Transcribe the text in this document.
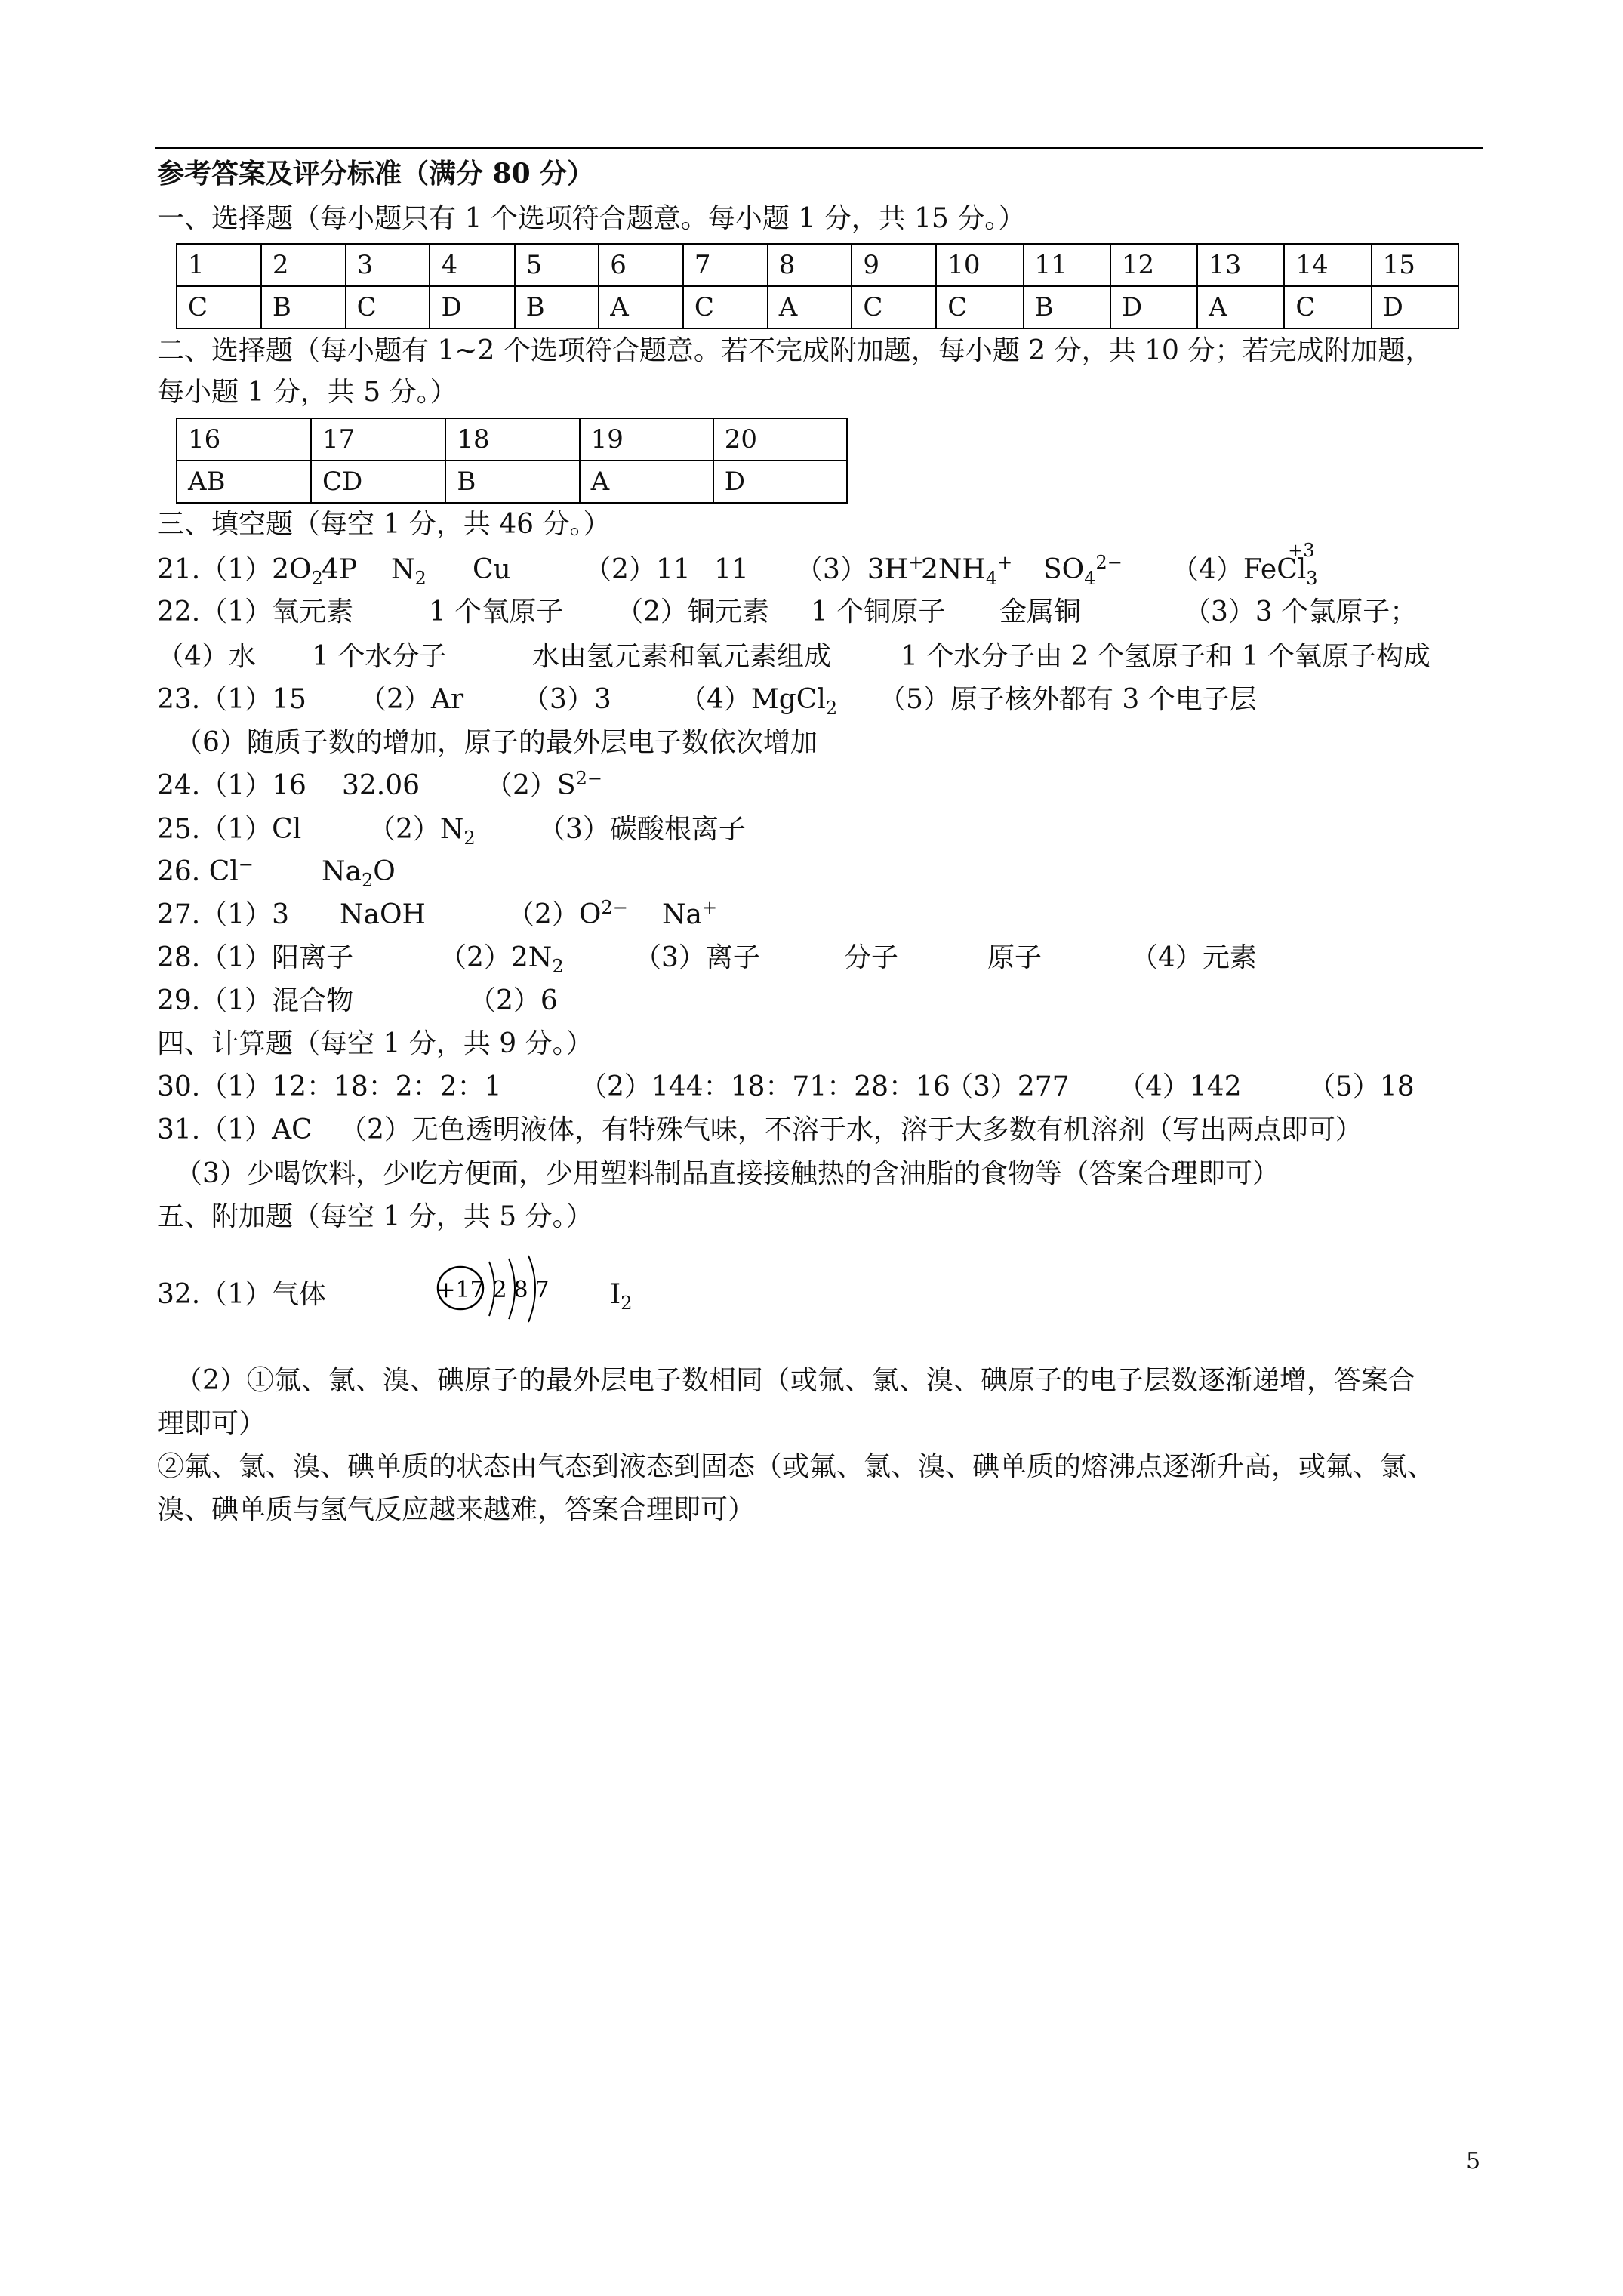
参考答案及评分标准（满分 80 分）
一、选择题（每小题只有 1 个选项符合题意。每小题 1 分，共 15 分。）
1	2	3	4	5	6	7	8	9	10	11	12	13	14	15
C	B	C	D	B	A	C	A	C	C	B	D	A	C	D
二、选择题（每小题有 1~2 个选项符合题意。若不完成附加题，每小题 2 分，共 10 分；若完成附加题，
每小题 1 分，共 5 分。）
16	17	18	19	20
AB	CD	B	A	D
三、填空题（每空 1 分，共 46 分。）
$21.(1)2O_24P$ $N_2$ Cu	（2）11 11 $(3)3H^+2NH_4^+$ $SO_4^{2-}$ （4）FeCl$_3$
+3
22.（1）氧元素	1 个氧原子 （2）铜元素 1 个铜原子 金属铜	（3）3 个氯原子；
（4）水 1 个水分子	水由氢元素和氧元素组成	1 个水分子由 2 个氢原子和 1 个氧原子构成
23.（1）15 （2）Ar （3）3	（4）MgCl$_2$ （5）原子核外都有 3 个电子层
（6）随质子数的增加，原子的最外层电子数依次增加
24.（1）16 32.06 $(2)S^{2-}$
25.（1）Cl $(2)N_2$ （3）碳酸根离子
26. Cl−	$Na_2O$
27.（1）3 NaOH	$(2)O^{2-}$ Na+
28.（1）阳离子	$(2)2N_2$	（3）离子	分子	原子	（4）元素
29.（1）混合物	（2）6
四、计算题（每空 1 分，共 9 分。）
30.（1）12：18：2：2：1	（2）144：18：71：28：16（3）277 （4）142 （5）18
31.（1）AC （2）无色透明液体，有特殊气味，不溶于水，溶于大多数有机溶剂（写出两点即可）
（3）少喝饮料，少吃方便面，少用塑料制品直接接触热的含油脂的食物等（答案合理即可）
五、附加题（每空 1 分，共 5 分。）
32.（1）气体	+17 2 8 7 $I_2$
（2）①氟、氯、溴、碘原子的最外层电子数相同（或氟、氯、溴、碘原子的电子层数逐渐递增，答案合
理即可）
②氟、氯、溴、碘单质的状态由气态到液态到固态（或氟、氯、溴、碘单质的熔沸点逐渐升高，或氟、氯、
溴、碘单质与氢气反应越来越难，答案合理即可）
5
